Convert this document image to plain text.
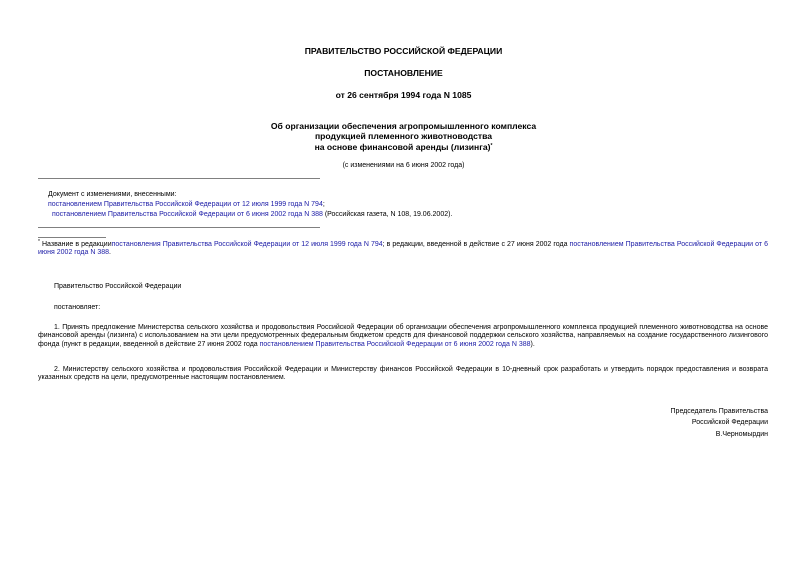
ПРАВИТЕЛЬСТВО РОССИЙСКОЙ ФЕДЕРАЦИИ
ПОСТАНОВЛЕНИЕ
от 26 сентября 1994 года N 1085
Об организации обеспечения агропромышленного комплекса
продукцией племенного животноводства
на основе финансовой аренды (лизинга)*
(с изменениями на 6 июня 2002 года)
Документ с изменениями, внесенными:
постановлением Правительства Российской Федерации от 12 июля 1999 года N 794;
постановлением Правительства Российской Федерации от 6 июня 2002 года N 388 (Российская газета, N 108, 19.06.2002).
* Название в редакциипостановления Правительства Российской Федерации от 12 июля 1999 года N 794; в редакции, введенной в действие с 27 июня 2002 года постановлением Правительства Российской Федерации от 6 июня 2002 года N 388.
Правительство Российской Федерации
постановляет:
1. Принять предложение Министерства сельского хозяйства и продовольствия Российской Федерации об организации обеспечения агропромышленного комплекса продукцией племенного животноводства на основе финансовой аренды (лизинга) с использованием на эти цели предусмотренных федеральным бюджетом средств для финансовой поддержки сельского хозяйства, направляемых на создание государственного лизингового фонда (пункт в редакции, введенной в действие 27 июня 2002 года постановлением Правительства Российской Федерации от 6 июня 2002 года N 388).
2. Министерству сельского хозяйства и продовольствия Российской Федерации и Министерству финансов Российской Федерации в 10-дневный срок разработать и утвердить порядок предоставления и возврата указанных средств на цели, предусмотренные настоящим постановлением.
Председатель Правительства
Российской Федерации
В.Черномырдин
